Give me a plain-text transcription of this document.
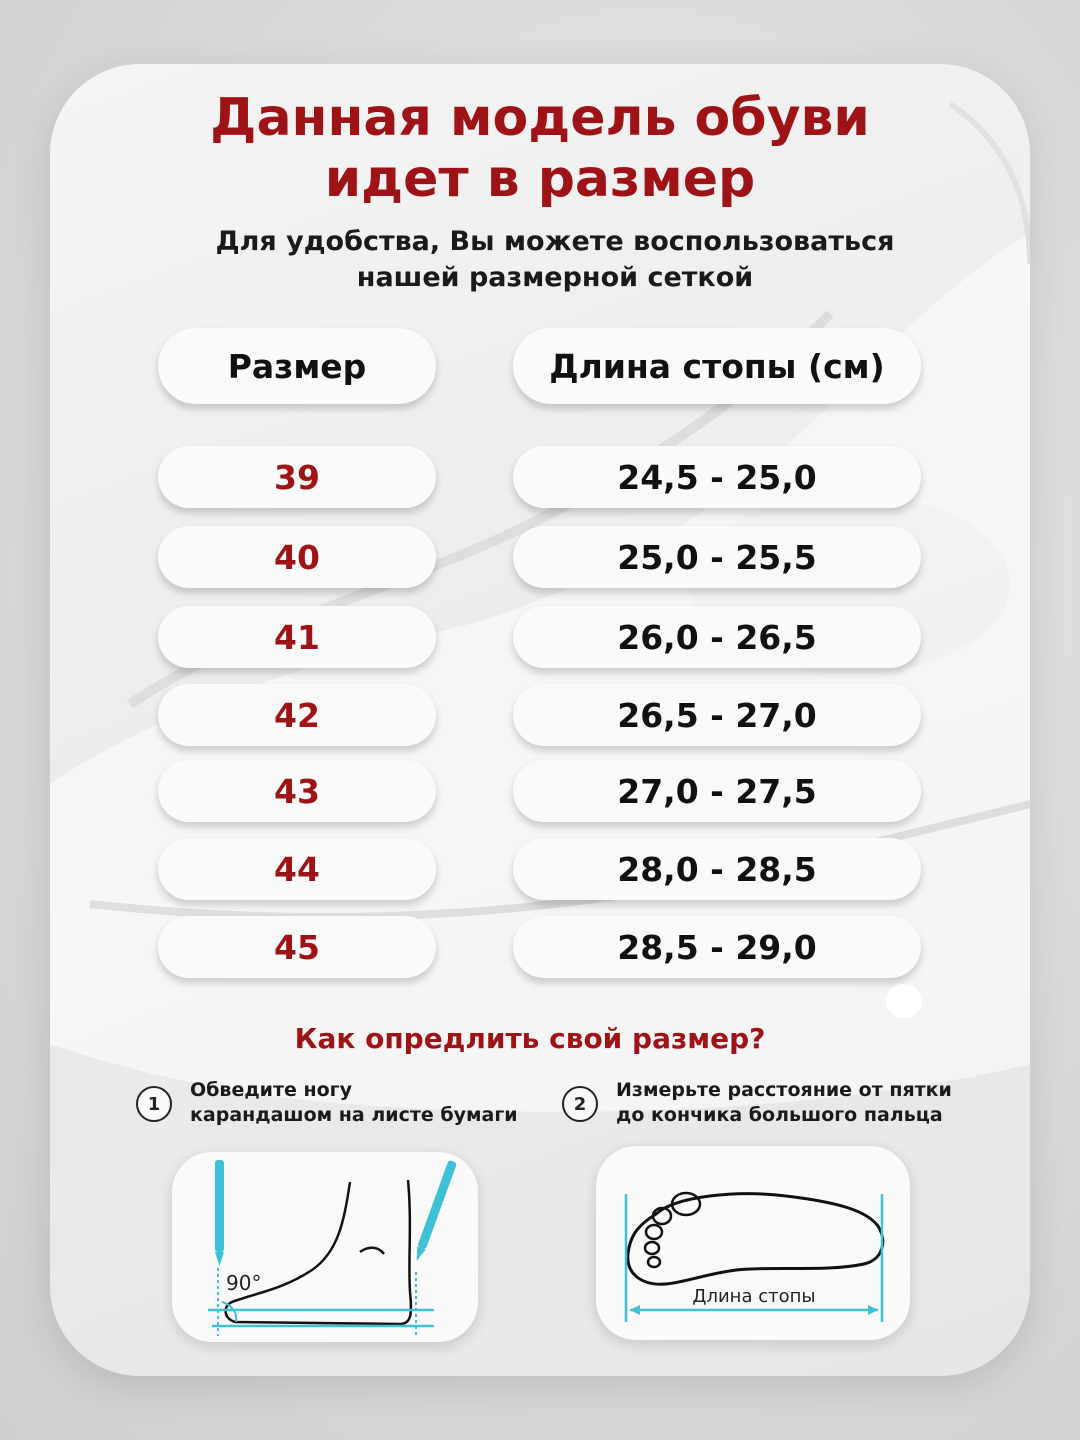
Данная модель обуви
идет в размер
Для удобства, Вы можете воспользоваться
нашей размерной сеткой
Размер	Длина стопы (см)
39	24,5 - 25,0
40	25,0 - 25,5
41	26,0 - 26,5
42	26,5 - 27,0
43	27,0 - 27,5
44	28,0 - 28,5
45	28,5 - 29,0
Как опредлить свой размер?
1
Обведите ногу
карандашом на листе бумаги	2
Измерьте расстояние от пятки
до кончика большого пальца
90°
Длина стопы
